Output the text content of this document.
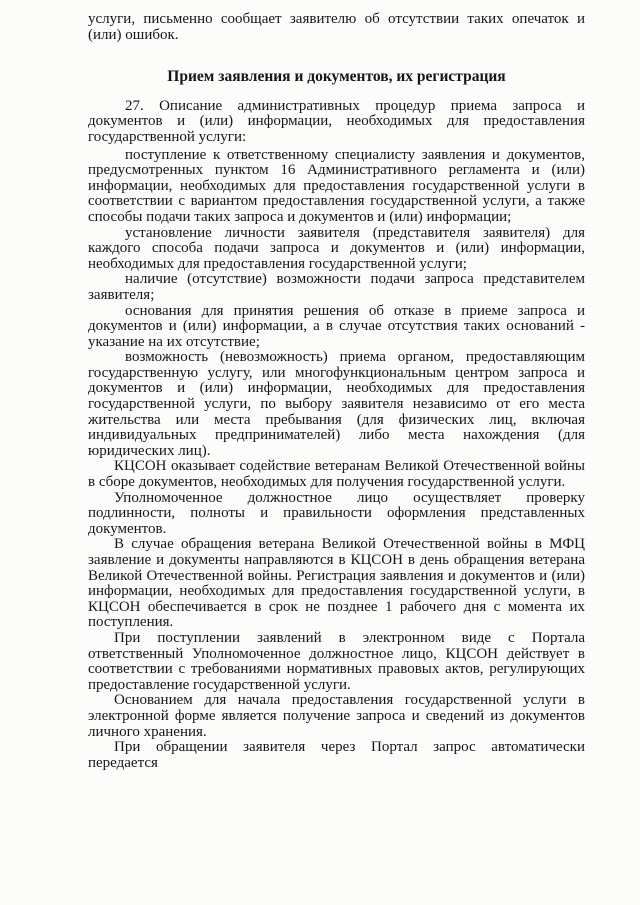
услуги, письменно сообщает заявителю об отсутствии таких опечаток и (или) ошибок.

Прием заявления и документов, их регистрация

27. Описание административных процедур приема запроса и документов и (или) информации, необходимых для предоставления государственной услуги:

поступление к ответственному специалисту заявления и документов, предусмотренных пунктом 16 Административного регламента и (или) информации, необходимых для предоставления государственной услуги в соответствии с вариантом предоставления государственной услуги, а также способы подачи таких запроса и документов и (или) информации;

установление личности заявителя (представителя заявителя) для каждого способа подачи запроса и документов и (или) информации, необходимых для предоставления государственной услуги;

наличие (отсутствие) возможности подачи запроса представителем заявителя;

основания для принятия решения об отказе в приеме запроса и документов и (или) информации, а в случае отсутствия таких оснований - указание на их отсутствие;

возможность (невозможность) приема органом, предоставляющим государственную услугу, или многофункциональным центром запроса и документов и (или) информации, необходимых для предоставления государственной услуги, по выбору заявителя независимо от его места жительства или места пребывания (для физических лиц, включая индивидуальных предпринимателей) либо места нахождения (для юридических лиц).

КЦСОН оказывает содействие ветеранам Великой Отечественной войны в сборе документов, необходимых для получения государственной услуги.

Уполномоченное должностное лицо осуществляет проверку подлинности, полноты и правильности оформления представленных документов.

В случае обращения ветерана Великой Отечественной войны в МФЦ заявление и документы направляются в КЦСОН в день обращения ветерана Великой Отечественной войны. Регистрация заявления и документов и (или) информации, необходимых для предоставления государственной услуги, в КЦСОН обеспечивается в срок не позднее 1 рабочего дня с момента их поступления.

При поступлении заявлений в электронном виде с Портала ответственный Уполномоченное должностное лицо, КЦСОН действует в соответствии с требованиями нормативных правовых актов, регулирующих предоставление государственной услуги.

Основанием для начала предоставления государственной услуги в электронной форме является получение запроса и сведений из документов личного хранения.

При обращении заявителя через Портал запрос автоматически передается
